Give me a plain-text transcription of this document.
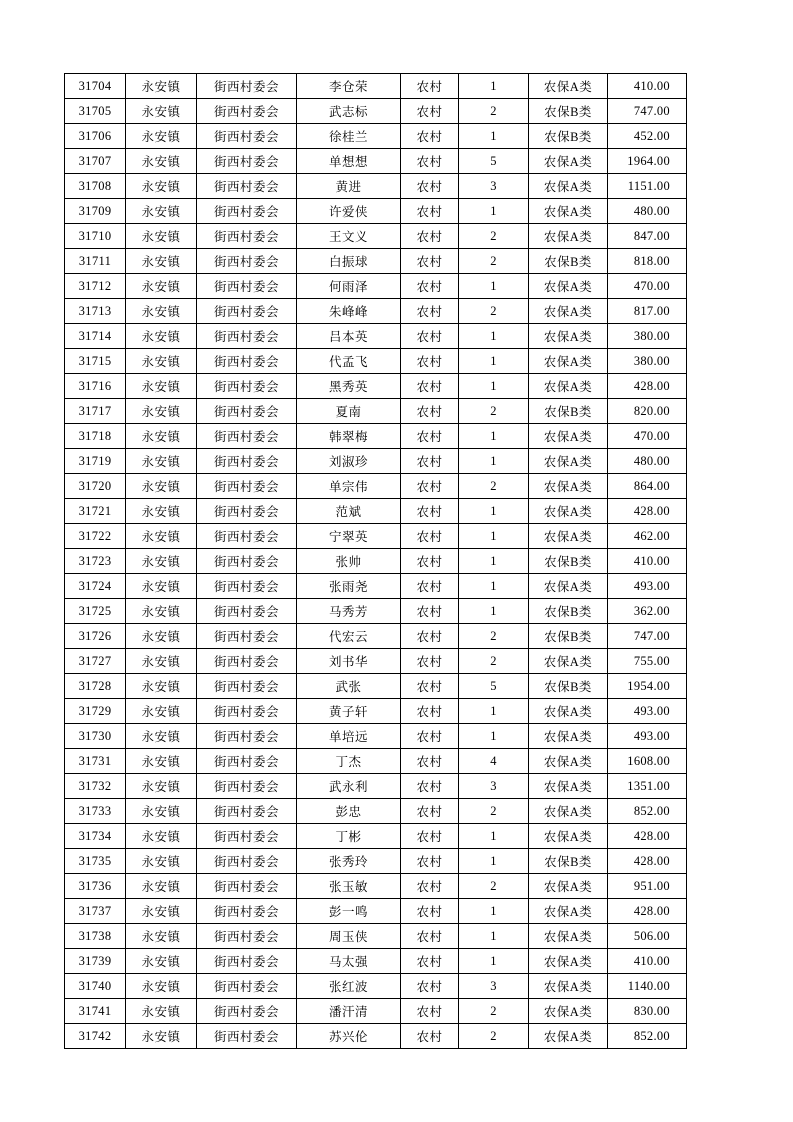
31704	永安镇	街西村委会	李仓荣	农村	1	农保A类	410.00
31705	永安镇	街西村委会	武志标	农村	2	农保B类	747.00
31706	永安镇	街西村委会	徐桂兰	农村	1	农保B类	452.00
31707	永安镇	街西村委会	单想想	农村	5	农保A类	1964.00
31708	永安镇	街西村委会	黄进	农村	3	农保A类	1151.00
31709	永安镇	街西村委会	许爱侠	农村	1	农保A类	480.00
31710	永安镇	街西村委会	王文义	农村	2	农保A类	847.00
31711	永安镇	街西村委会	白振球	农村	2	农保B类	818.00
31712	永安镇	街西村委会	何雨泽	农村	1	农保A类	470.00
31713	永安镇	街西村委会	朱峰峰	农村	2	农保A类	817.00
31714	永安镇	街西村委会	吕本英	农村	1	农保A类	380.00
31715	永安镇	街西村委会	代孟飞	农村	1	农保A类	380.00
31716	永安镇	街西村委会	黑秀英	农村	1	农保A类	428.00
31717	永安镇	街西村委会	夏南	农村	2	农保B类	820.00
31718	永安镇	街西村委会	韩翠梅	农村	1	农保A类	470.00
31719	永安镇	街西村委会	刘淑珍	农村	1	农保A类	480.00
31720	永安镇	街西村委会	单宗伟	农村	2	农保A类	864.00
31721	永安镇	街西村委会	范斌	农村	1	农保A类	428.00
31722	永安镇	街西村委会	宁翠英	农村	1	农保A类	462.00
31723	永安镇	街西村委会	张帅	农村	1	农保B类	410.00
31724	永安镇	街西村委会	张雨尧	农村	1	农保A类	493.00
31725	永安镇	街西村委会	马秀芳	农村	1	农保B类	362.00
31726	永安镇	街西村委会	代宏云	农村	2	农保B类	747.00
31727	永安镇	街西村委会	刘书华	农村	2	农保A类	755.00
31728	永安镇	街西村委会	武张	农村	5	农保B类	1954.00
31729	永安镇	街西村委会	黄子轩	农村	1	农保A类	493.00
31730	永安镇	街西村委会	单培远	农村	1	农保A类	493.00
31731	永安镇	街西村委会	丁杰	农村	4	农保A类	1608.00
31732	永安镇	街西村委会	武永利	农村	3	农保A类	1351.00
31733	永安镇	街西村委会	彭忠	农村	2	农保A类	852.00
31734	永安镇	街西村委会	丁彬	农村	1	农保A类	428.00
31735	永安镇	街西村委会	张秀玲	农村	1	农保B类	428.00
31736	永安镇	街西村委会	张玉敏	农村	2	农保A类	951.00
31737	永安镇	街西村委会	彭一鸣	农村	1	农保A类	428.00
31738	永安镇	街西村委会	周玉侠	农村	1	农保A类	506.00
31739	永安镇	街西村委会	马太强	农村	1	农保A类	410.00
31740	永安镇	街西村委会	张红波	农村	3	农保A类	1140.00
31741	永安镇	街西村委会	潘汗清	农村	2	农保A类	830.00
31742	永安镇	街西村委会	苏兴伦	农村	2	农保A类	852.00
